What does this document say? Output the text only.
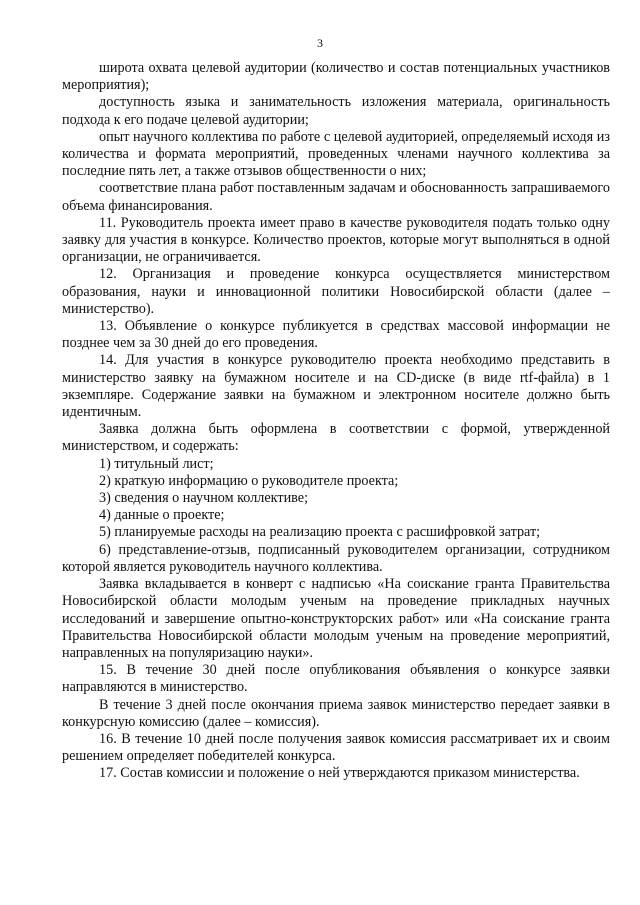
3

широта охвата целевой аудитории (количество и состав потенциальных участников мероприятия);

доступность языка и занимательность изложения материала, оригинальность подхода к его подаче целевой аудитории;

опыт научного коллектива по работе с целевой аудиторией, определяемый исходя из количества и формата мероприятий, проведенных членами научного коллектива за последние пять лет, а также отзывов общественности о них;

соответствие плана работ поставленным задачам и обоснованность запрашиваемого объема финансирования.

11. Руководитель проекта имеет право в качестве руководителя подать только одну заявку для участия в конкурсе. Количество проектов, которые могут выполняться в одной организации, не ограничивается.

12. Организация и проведение конкурса осуществляется министерством образования, науки и инновационной политики Новосибирской области (далее – министерство).

13. Объявление о конкурсе публикуется в средствах массовой информации не позднее чем за 30 дней до его проведения.

14. Для участия в конкурсе руководителю проекта необходимо представить в министерство заявку на бумажном носителе и на CD-диске (в виде rtf-файла) в 1 экземпляре. Содержание заявки на бумажном и электронном носителе должно быть идентичным.

Заявка должна быть оформлена в соответствии с формой, утвержденной министерством, и содержать:

1) титульный лист;

2) краткую информацию о руководителе проекта;

3) сведения о научном коллективе;

4) данные о проекте;

5) планируемые расходы на реализацию проекта с расшифровкой затрат;

6) представление-отзыв, подписанный руководителем организации, сотрудником которой является руководитель научного коллектива.

Заявка вкладывается в конверт с надписью «На соискание гранта Правительства Новосибирской области молодым ученым на проведение прикладных научных исследований и завершение опытно-конструкторских работ» или «На соискание гранта Правительства Новосибирской области молодым ученым на проведение мероприятий, направленных на популяризацию науки».

15. В течение 30 дней после опубликования объявления о конкурсе заявки направляются в министерство.

В течение 3 дней после окончания приема заявок министерство передает заявки в конкурсную комиссию (далее – комиссия).

16. В течение 10 дней после получения заявок комиссия рассматривает их и своим решением определяет победителей конкурса.

17. Состав комиссии и положение о ней утверждаются приказом министерства.
